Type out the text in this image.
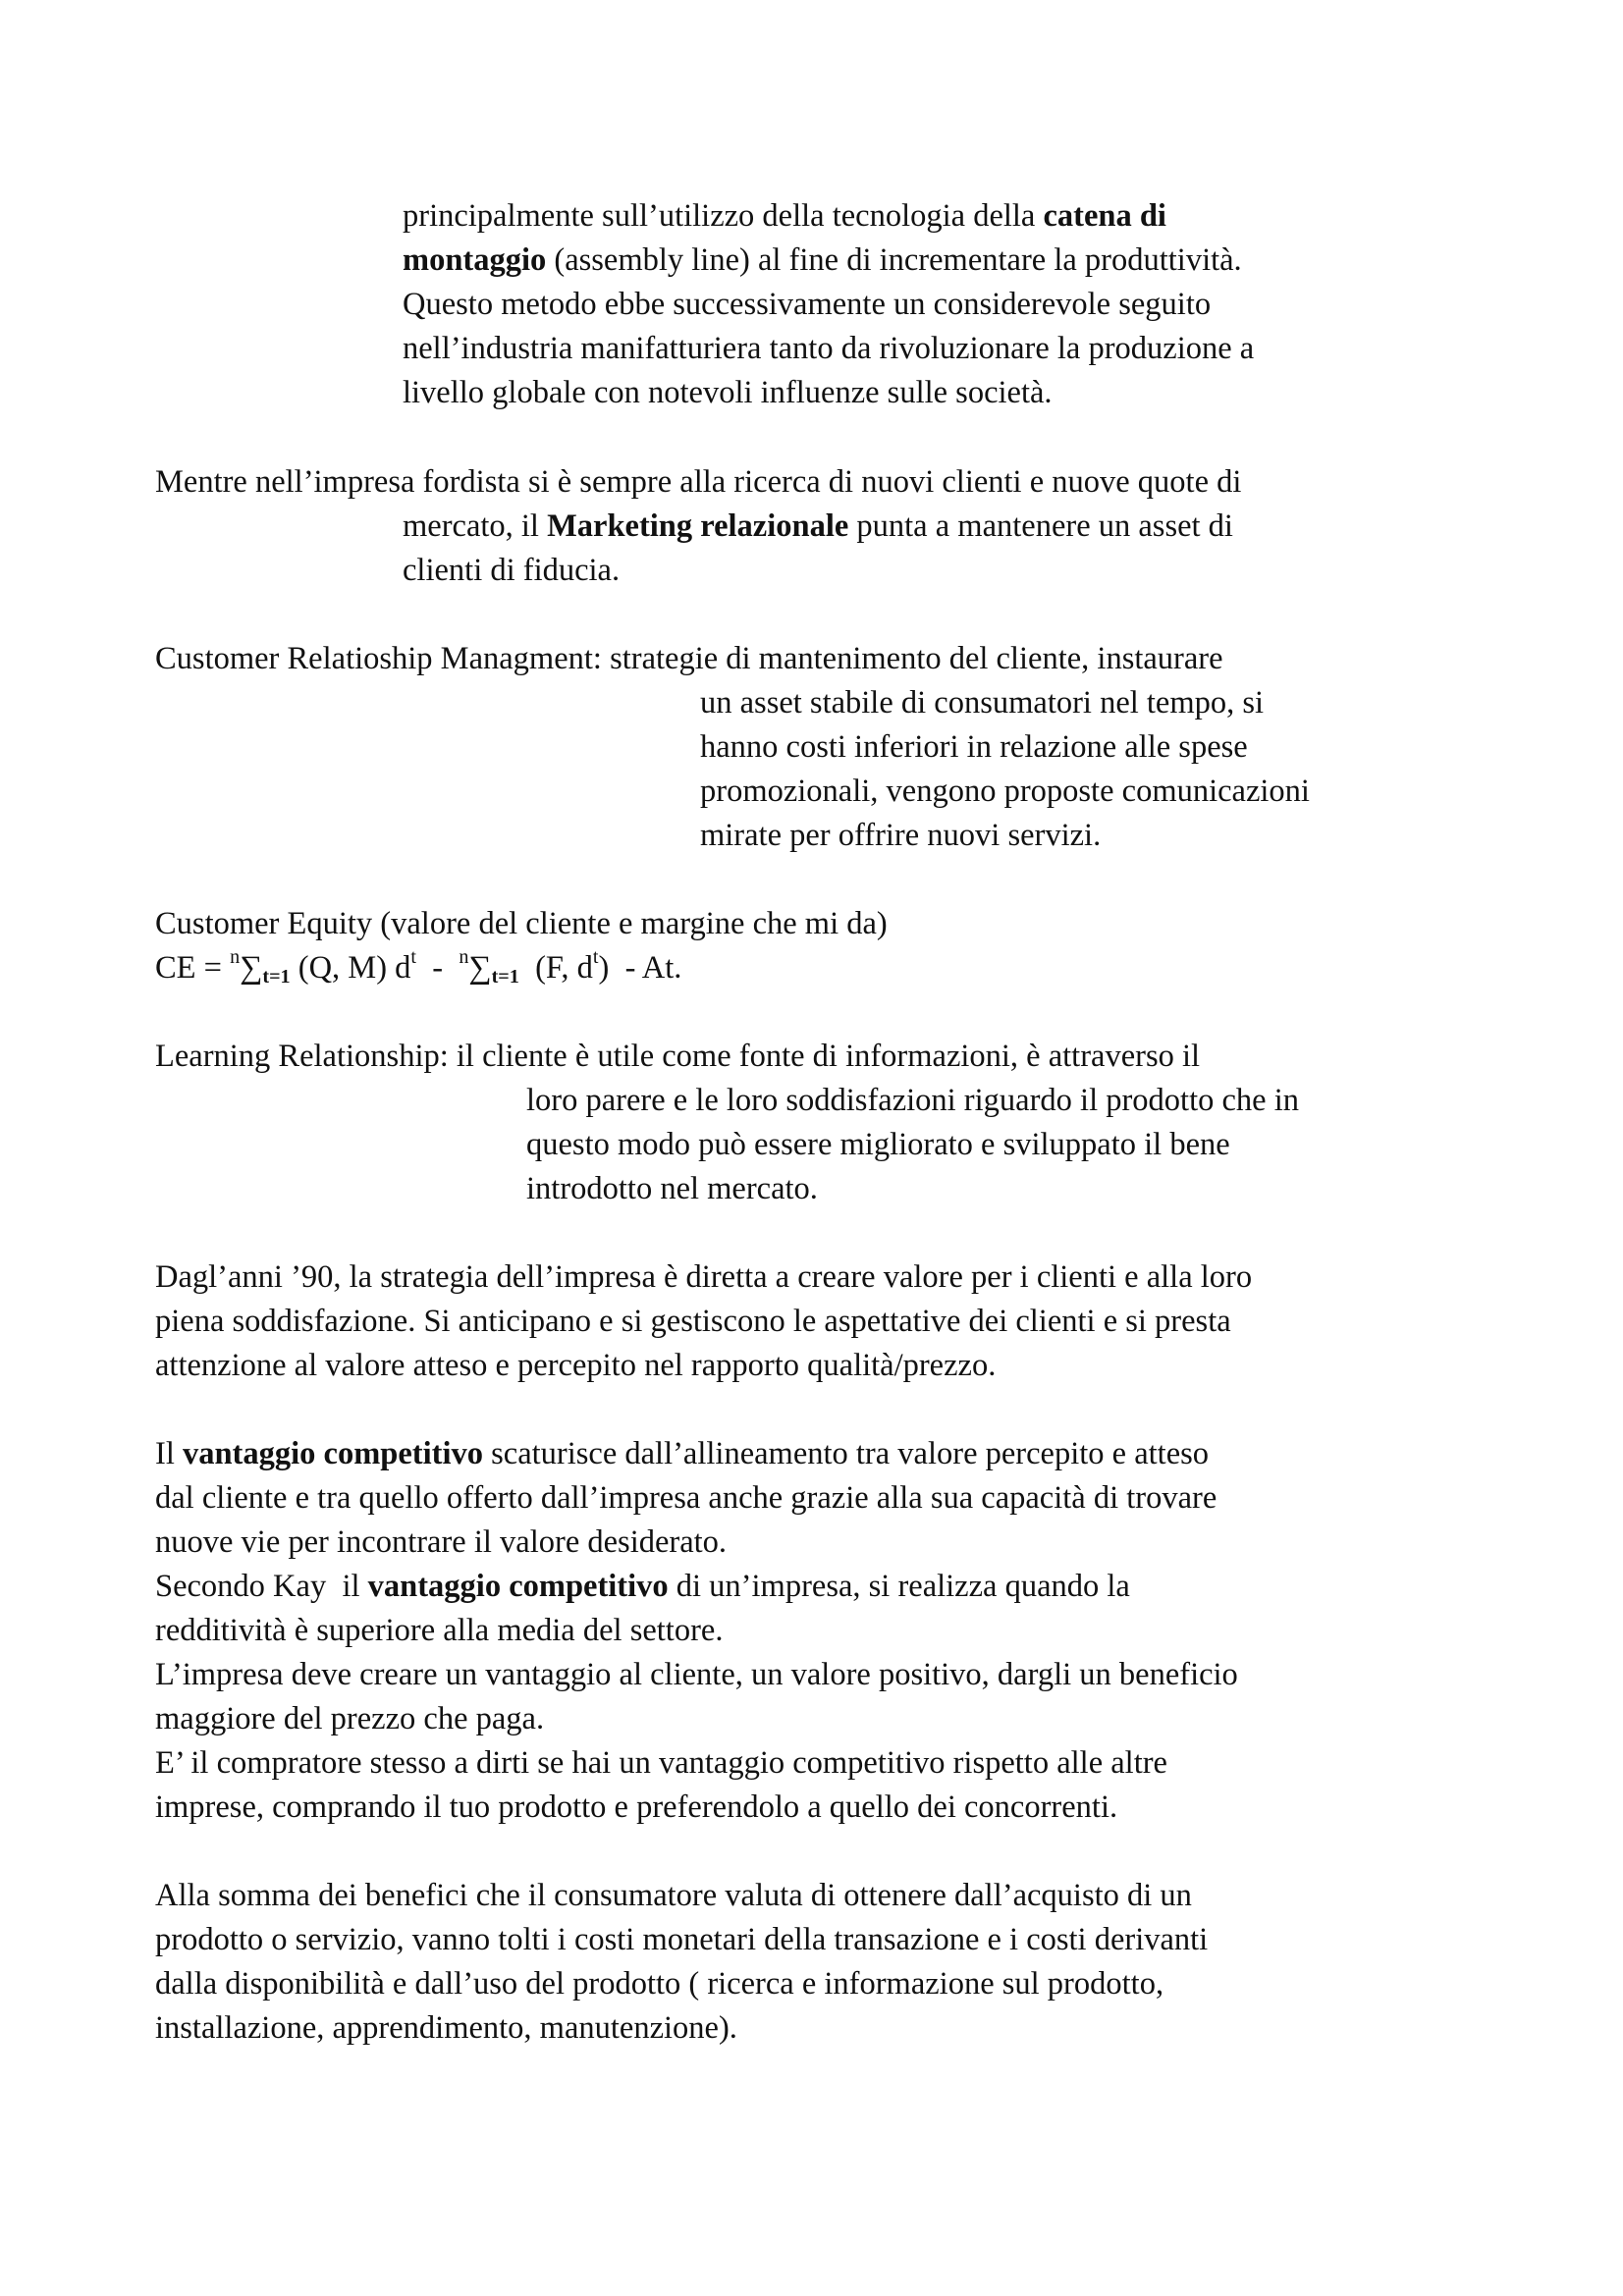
principalmente sull’utilizzo della tecnologia della catena di
montaggio (assembly line) al fine di incrementare la produttività.
Questo metodo ebbe successivamente un considerevole seguito
nell’industria manifatturiera tanto da rivoluzionare la produzione a
livello globale con notevoli influenze sulle società.
Mentre nell’impresa fordista si è sempre alla ricerca di nuovi clienti e nuove quote di
mercato, il Marketing relazionale punta a mantenere un asset di
clienti di fiducia.
Customer Relatioship Managment: strategie di mantenimento del cliente, instaurare
un asset stabile di consumatori nel tempo, si
hanno costi inferiori in relazione alle spese
promozionali, vengono proposte comunicazioni
mirate per offrire nuovi servizi.
Customer Equity (valore del cliente e margine che mi da)
CE = $^n$∑t=1 (Q, M) $d^t - ^n\sum t=1$  (F, $d^t$)  - At.
Learning Relationship: il cliente è utile come fonte di informazioni, è attraverso il
loro parere e le loro soddisfazioni riguardo il prodotto che in
questo modo può essere migliorato e sviluppato il bene
introdotto nel mercato.
Dagl’anni ’90, la strategia dell’impresa è diretta a creare valore per i clienti e alla loro
piena soddisfazione. Si anticipano e si gestiscono le aspettative dei clienti e si presta
attenzione al valore atteso e percepito nel rapporto qualità/prezzo.
Il vantaggio competitivo scaturisce dall’allineamento tra valore percepito e atteso
dal cliente e tra quello offerto dall’impresa anche grazie alla sua capacità di trovare
nuove vie per incontrare il valore desiderato.
Secondo Kay  il vantaggio competitivo di un’impresa, si realizza quando la
redditività è superiore alla media del settore.
L’impresa deve creare un vantaggio al cliente, un valore positivo, dargli un beneficio
maggiore del prezzo che paga.
E’ il compratore stesso a dirti se hai un vantaggio competitivo rispetto alle altre
imprese, comprando il tuo prodotto e preferendolo a quello dei concorrenti.
Alla somma dei benefici che il consumatore valuta di ottenere dall’acquisto di un
prodotto o servizio, vanno tolti i costi monetari della transazione e i costi derivanti
dalla disponibilità e dall’uso del prodotto ( ricerca e informazione sul prodotto,
installazione, apprendimento, manutenzione).
